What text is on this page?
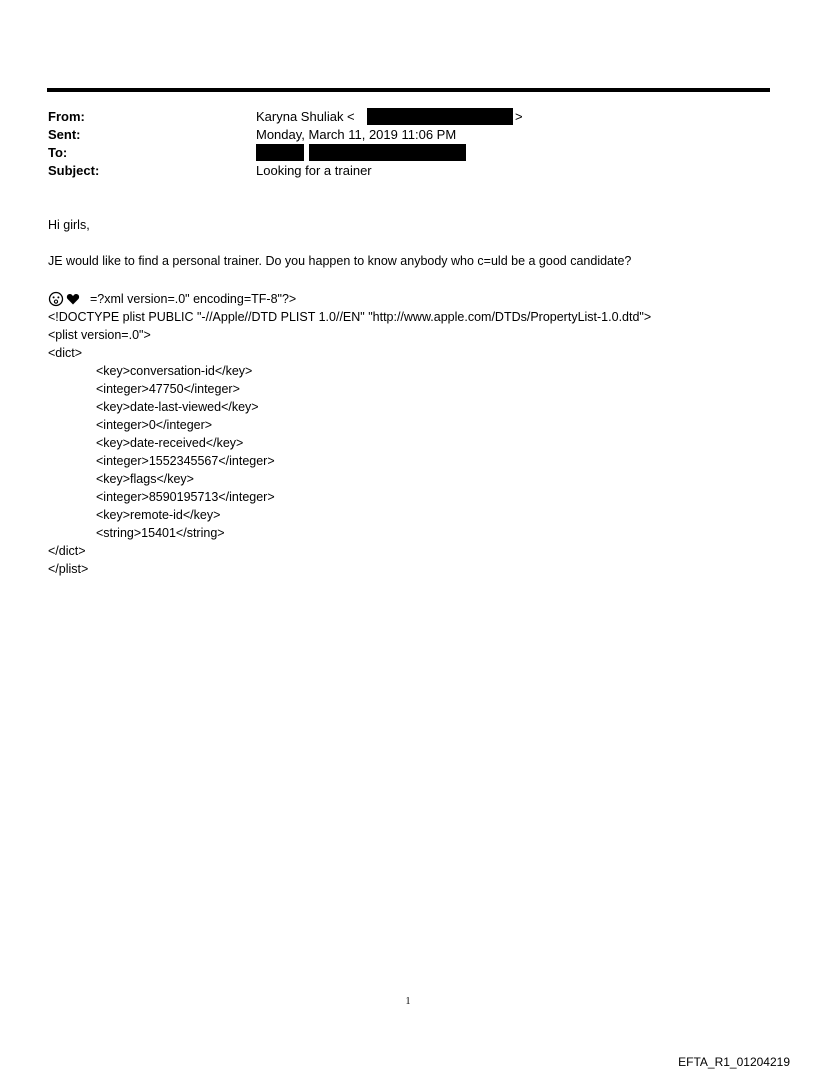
From:	Karyna Shuliak <	>
Sent:	Monday, March 11, 2019 11:06 PM
To:
Subject:	Looking for a trainer
Hi girls,
JE would like to find a personal trainer. Do you happen to know anybody who c=uld be a good candidate?
=?xml version=.0" encoding=TF-8"?>
<!DOCTYPE plist PUBLIC "-//Apple//DTD PLIST 1.0//EN" "http://www.apple.com/DTDs/PropertyList-1.0.dtd">
<plist version=.0">
<dict>
<key>conversation-id</key>
<integer>47750</integer>
<key>date-last-viewed</key>
<integer>0</integer>
<key>date-received</key>
<integer>1552345567</integer>
<key>flags</key>
<integer>8590195713</integer>
<key>remote-id</key>
<string>15401</string>
</dict>
</plist>
1
EFTA_R1_01204219
